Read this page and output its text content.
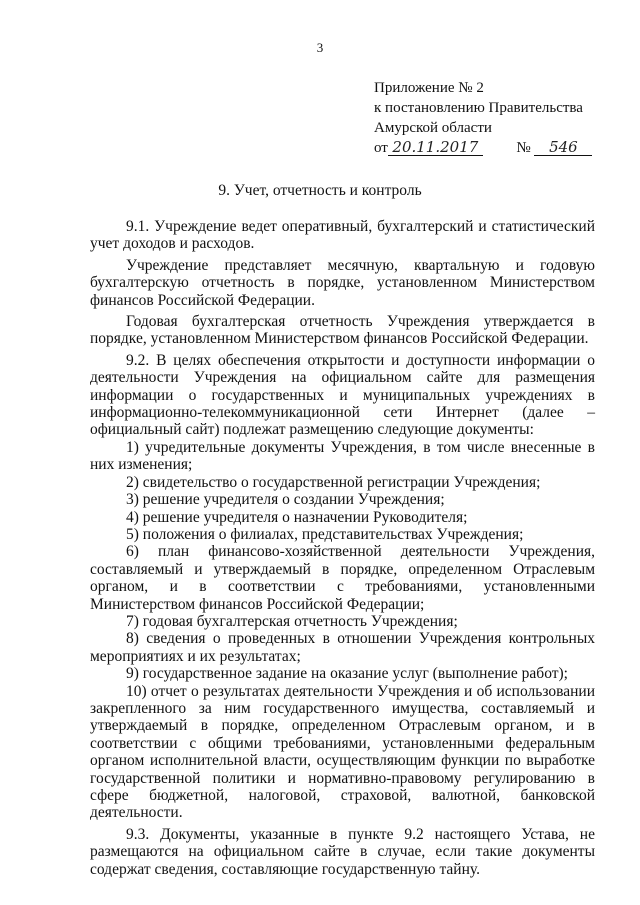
3
Приложение № 2
к постановлению Правительства
Амурской области
от 20.11.2017	№ 546
9. Учет, отчетность и контроль

9.1. Учреждение ведет оперативный, бухгалтерский и статистический учет доходов и расходов.

Учреждение представляет месячную, квартальную и годовую бухгалтерскую отчетность в порядке, установленном Министерством финансов Российской Федерации.

Годовая бухгалтерская отчетность Учреждения утверждается в порядке, установленном Министерством финансов Российской Федерации.

9.2. В целях обеспечения открытости и доступности информации о деятельности Учреждения на официальном сайте для размещения информации о государственных и муниципальных учреждениях в информационно-телекоммуникационной сети Интернет (далее – официальный сайт) подлежат размещению следующие документы:

1) учредительные документы Учреждения, в том числе внесенные в них изменения;

2) свидетельство о государственной регистрации Учреждения;

3) решение учредителя о создании Учреждения;

4) решение учредителя о назначении Руководителя;

5) положения о филиалах, представительствах Учреждения;

6) план финансово-хозяйственной деятельности Учреждения, составляемый и утверждаемый в порядке, определенном Отраслевым органом, и в соответствии с требованиями, установленными Министерством финансов Российской Федерации;

7) годовая бухгалтерская отчетность Учреждения;

8) сведения о проведенных в отношении Учреждения контрольных мероприятиях и их результатах;

9) государственное задание на оказание услуг (выполнение работ);

10) отчет о результатах деятельности Учреждения и об использовании закрепленного за ним государственного имущества, составляемый и утверждаемый в порядке, определенном Отраслевым органом, и в соответствии с общими требованиями, установленными федеральным органом исполнительной власти, осуществляющим функции по выработке государственной политики и нормативно-правовому регулированию в сфере бюджетной, налоговой, страховой, валютной, банковской деятельности.

9.3. Документы, указанные в пункте 9.2 настоящего Устава, не размещаются на официальном сайте в случае, если такие документы содержат сведения, составляющие государственную тайну.
